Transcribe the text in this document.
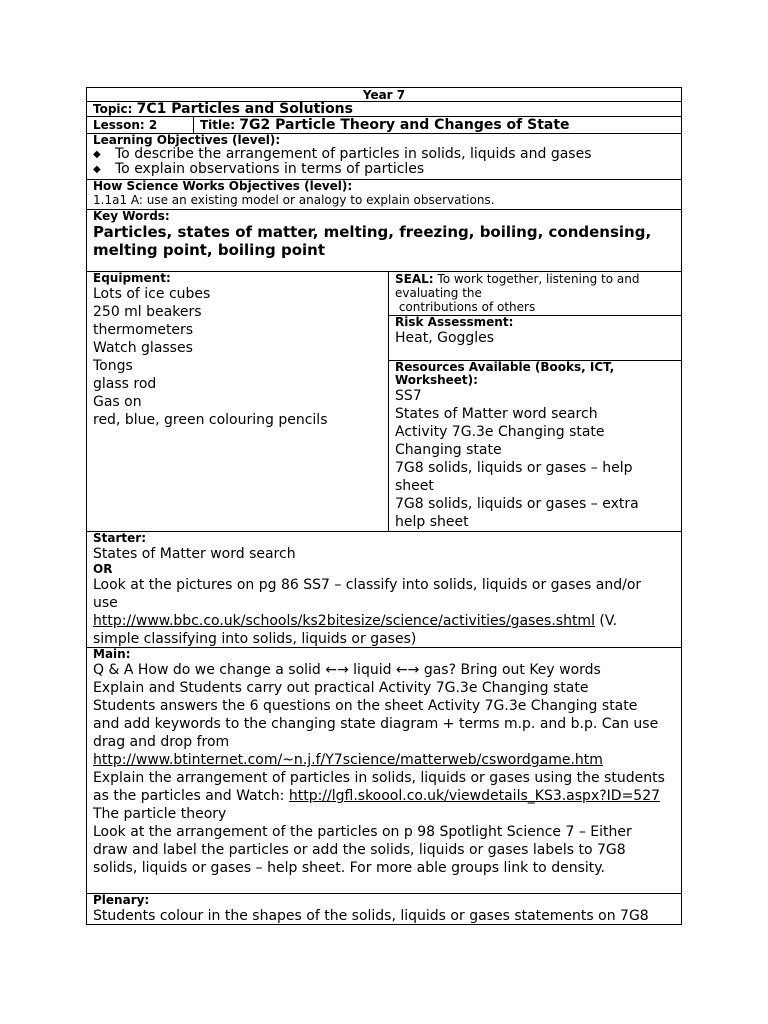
Year 7
Topic: 7C1 Particles and Solutions
Lesson: 2	Title: 7G2 Particle Theory and Changes of State
Learning Objectives (level):
◆	To describe the arrangement of particles in solids, liquids and gases
◆	To explain observations in terms of particles
How Science Works Objectives (level):
1.1a1 A: use an existing model or analogy to explain observations.
Key Words:
Particles, states of matter, melting, freezing, boiling, condensing,
melting point, boiling point
Equipment:
Lots of ice cubes
250 ml beakers
thermometers
Watch glasses
Tongs
glass rod
Gas on
red, blue, green colouring pencils
SEAL: To work together, listening to and
evaluating the
contributions of others
Risk Assessment:
Heat, Goggles
Resources Available (Books, ICT,
Worksheet):
SS7
States of Matter word search
Activity 7G.3e Changing state
Changing state
7G8 solids, liquids or gases – help
sheet
7G8 solids, liquids or gases – extra
help sheet
Starter:
States of Matter word search
OR
Look at the pictures on pg 86 SS7 – classify into solids, liquids or gases and/or
use
http://www.bbc.co.uk/schools/ks2bitesize/science/activities/gases.shtml (V.
simple classifying into solids, liquids or gases)
Main:
Q & A How do we change a solid ←→ liquid ←→ gas? Bring out Key words
Explain and Students carry out practical Activity 7G.3e Changing state
Students answers the 6 questions on the sheet Activity 7G.3e Changing state
and add keywords to the changing state diagram + terms m.p. and b.p. Can use
drag and drop from
http://www.btinternet.com/~n.j.f/Y7science/matterweb/cswordgame.htm
Explain the arrangement of particles in solids, liquids or gases using the students
as the particles and Watch: http://lgfl.skoool.co.uk/viewdetails_KS3.aspx?ID=527
The particle theory
Look at the arrangement of the particles on p 98 Spotlight Science 7 – Either
draw and label the particles or add the solids, liquids or gases labels to 7G8
solids, liquids or gases – help sheet. For more able groups link to density.
Plenary:
Students colour in the shapes of the solids, liquids or gases statements on 7G8
